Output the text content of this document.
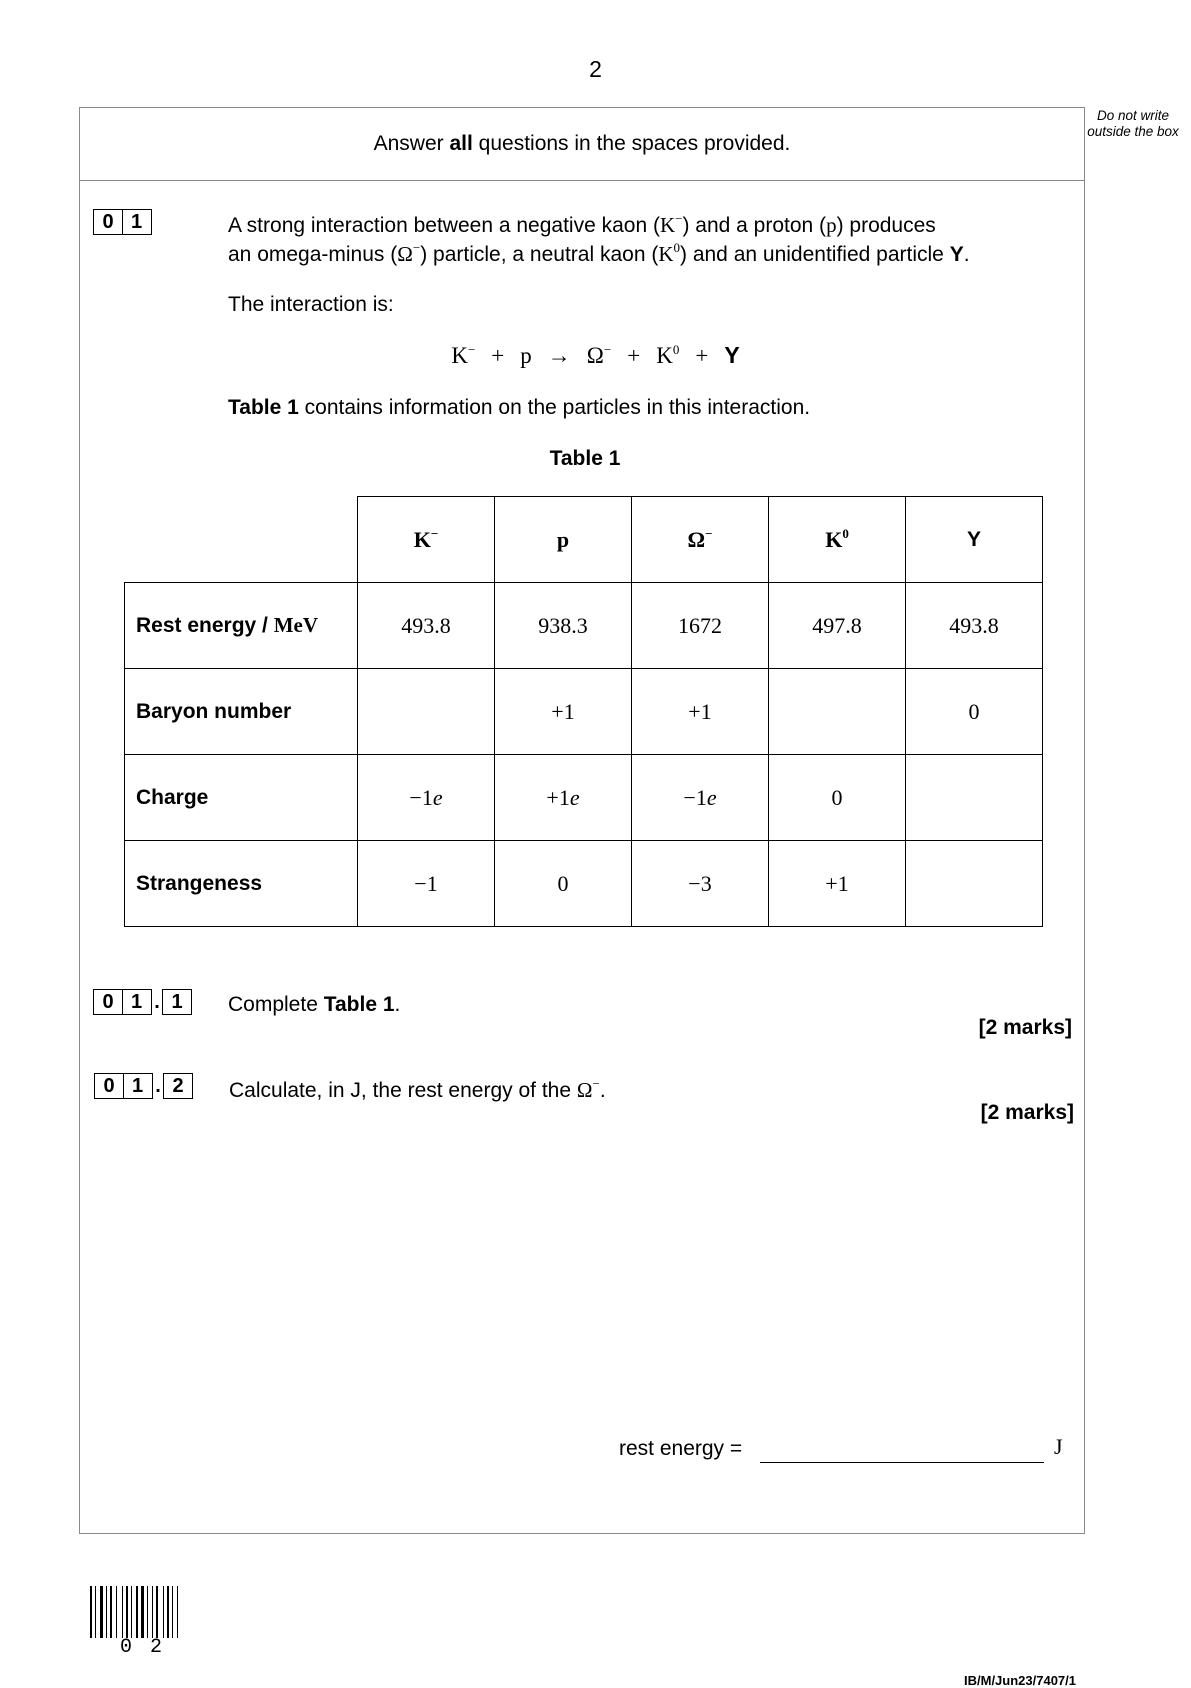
2
Do not write outside the box
Answer all questions in the spaces provided.
0 1	A strong interaction between a negative kaon (K−) and a proton (p) produces
an omega-minus (Ω−) particle, a neutral kaon $(K^0)$ and an unidentified particle Y.
The interaction is:
$K^- + p \to \Omega^- + K^0 + Y$
Table 1 contains information on the particles in this interaction.
Table 1
	K−	p	Ω−	$K^0$	Y
Rest energy / MeV	493.8	938.3	1672	497.8	493.8
Baryon number		+1	+1		0
Charge	−1e	+1e	−1e	0	
Strangeness	−1	0	−3	+1	
0 1 . 1	Complete Table 1.
[2 marks]
0 1 . 2	Calculate, in J, the rest energy of the Ω−.
[2 marks]
rest energy =	J
02
IB/M/Jun23/7407/1
